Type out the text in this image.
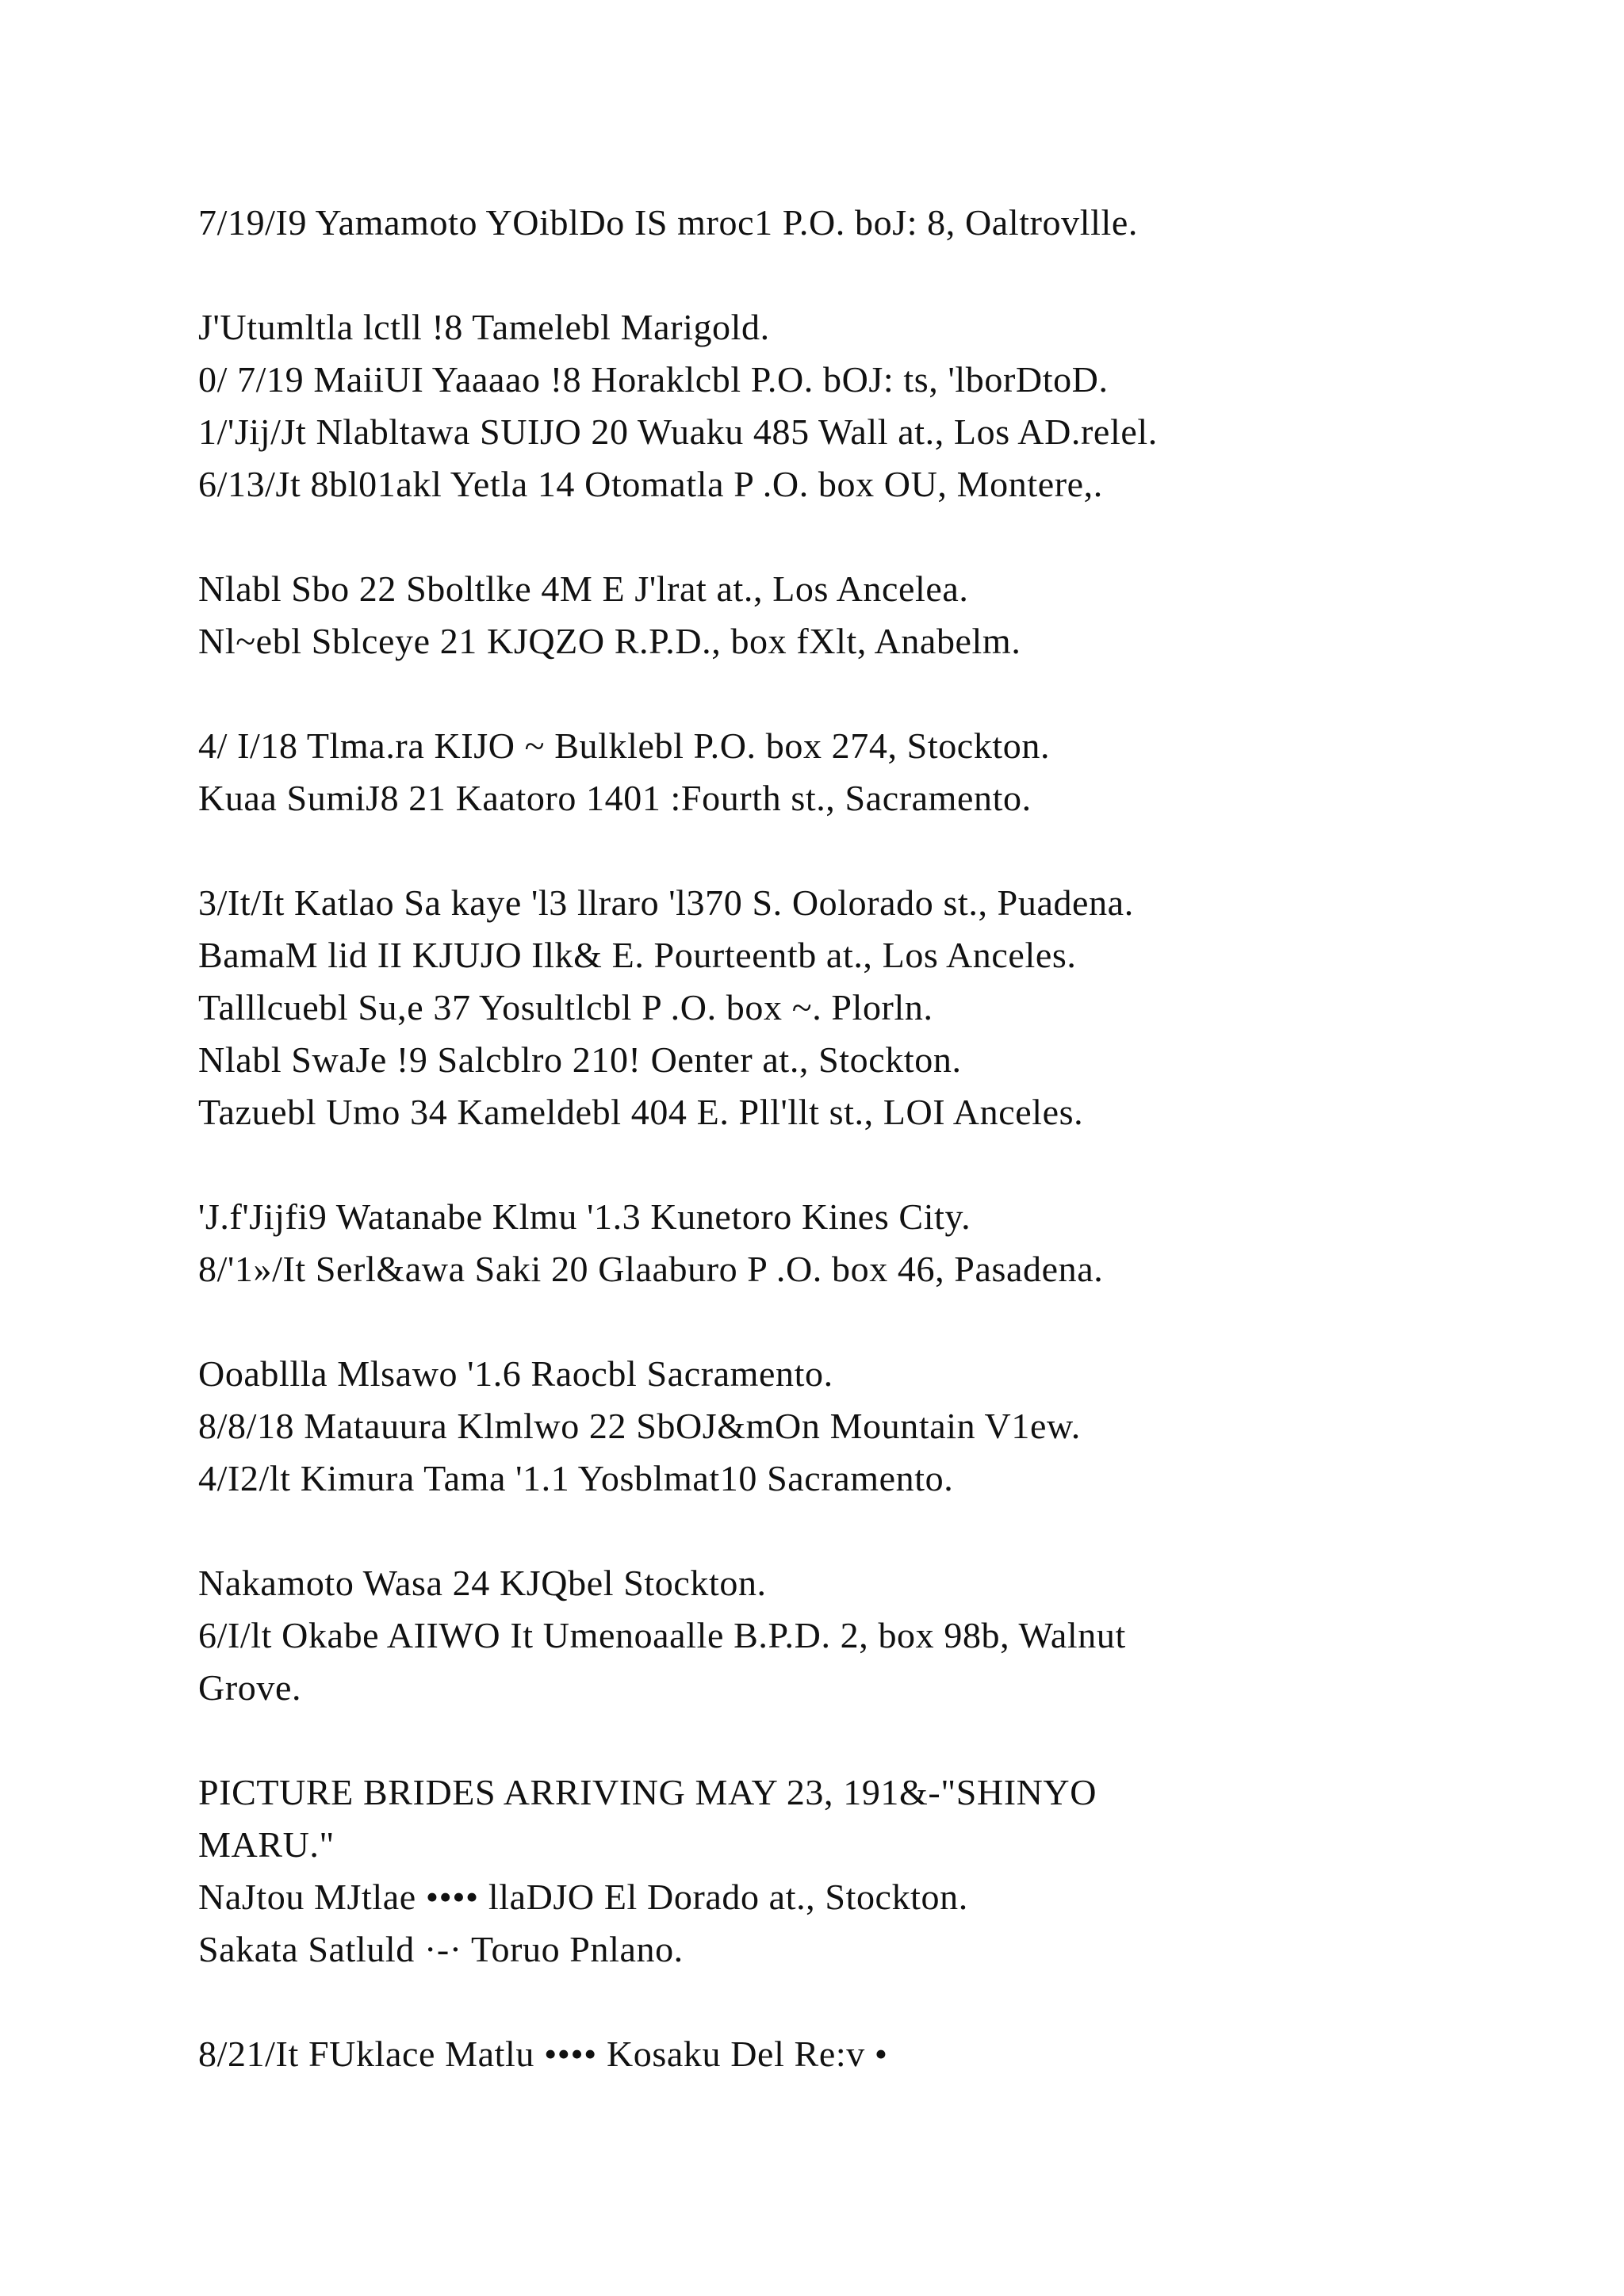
7/19/I9 Yamamoto YOiblDo IS mroc1 P.O. boJ: 8, Oaltrovllle.
J'Utumltla lctll !8 Tamelebl Marigold.
0/ 7/19 MaiiUI Yaaaao !8 Horaklcbl P.O. bOJ: ts, 'lborDtoD.
1/'Jij/Jt Nlabltawa SUIJO 20 Wuaku 485 Wall at., Los AD.relel.
6/13/Jt 8bl01akl Yetla 14 Otomatla P .O. box OU, Montere,.
Nlabl Sbo 22 Sboltlke 4M E J'lrat at., Los Ancelea.
Nl~ebl Sblceye 21 KJQZO R.P.D., box fXlt, Anabelm.
4/ I/18 Tlma.ra KIJO ~ Bulklebl P.O. box 274, Stockton.
Kuaa SumiJ8 21 Kaatoro 1401 :Fourth st., Sacramento.
3/It/It Katlao Sa kaye 'l3 llraro 'l370 S. Oolorado st., Puadena.
BamaM lid II KJUJO Ilk& E. Pourteentb at., Los Anceles.
Talllcuebl Su,e 37 Yosultlcbl P .O. box ~. Plorln.
Nlabl SwaJe !9 Salcblro 210! Oenter at., Stockton.
Tazuebl Umo 34 Kameldebl 404 E. Pll'llt st., LOI Anceles.
'J.f'Jijfi9 Watanabe Klmu '1.3 Kunetoro Kines City.
8/'1»/It Serl&awa Saki 20 Glaaburo P .O. box 46, Pasadena.
Ooabllla Mlsawo '1.6 Raocbl Sacramento.
8/8/18 Matauura Klmlwo 22 SbOJ&mOn Mountain V1ew.
4/I2/lt Kimura Tama '1.1 Yosblmat10 Sacramento.
Nakamoto Wasa 24 KJQbel Stockton.
6/I/lt Okabe AIIWO It Umenoaalle B.P.D. 2, box 98b, Walnut
Grove.
PICTURE BRIDES ARRIVING MAY 23, 191&-"SHINYO
MARU."
NaJtou MJtlae •••• llaDJO El Dorado at., Stockton.
Sakata Satluld ·-· Toruo Pnlano.
8/21/It FUklace Matlu •••• Kosaku Del Re:v •
